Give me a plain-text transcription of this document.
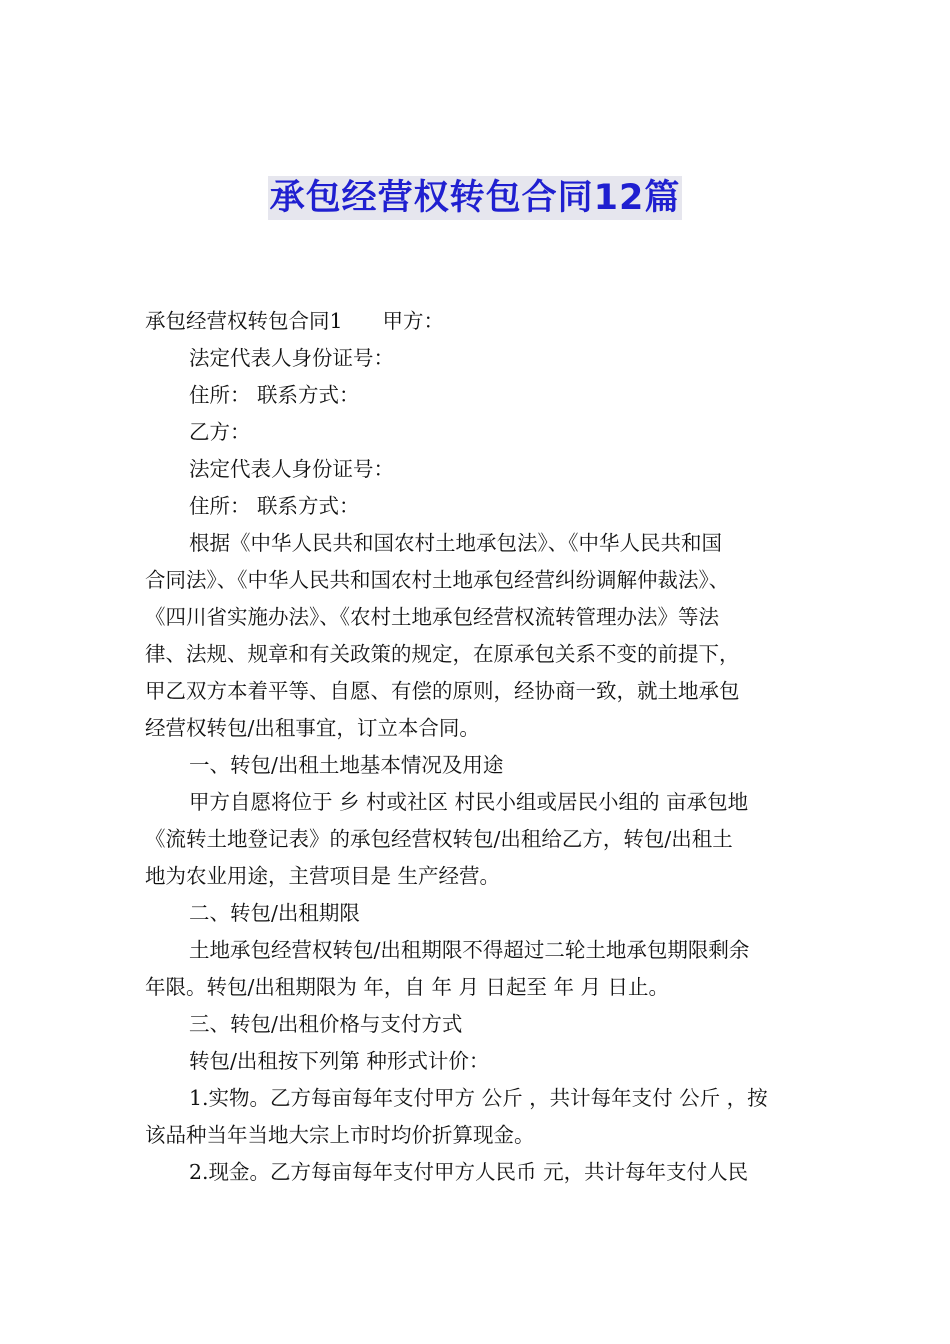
承包经营权转包合同12篇
承包经营权转包合同1 甲方：
法定代表人身份证号：
住所： 联系方式：
乙方：
法定代表人身份证号：
住所： 联系方式：
根据《中华人民共和国农村土地承包法》、《中华人民共和国
合同法》、《中华人民共和国农村土地承包经营纠纷调解仲裁法》、
《四川省实施办法》、《农村土地承包经营权流转管理办法》等法
律、法规、规章和有关政策的规定，在原承包关系不变的前提下，
甲乙双方本着平等、自愿、有偿的原则，经协商一致，就土地承包
经营权转包/出租事宜，订立本合同。
一、转包/出租土地基本情况及用途
甲方自愿将位于 乡 村或社区 村民小组或居民小组的 亩承包地
《流转土地登记表》的承包经营权转包/出租给乙方，转包/出租土
地为农业用途，主营项目是 生产经营。
二、转包/出租期限
土地承包经营权转包/出租期限不得超过二轮土地承包期限剩余
年限。转包/出租期限为 年，自 年 月 日起至 年 月 日止。
三、转包/出租价格与支付方式
转包/出租按下列第 种形式计价：
1.实物。乙方每亩每年支付甲方 公斤 ，共计每年支付 公斤 ，按
该品种当年当地大宗上市时均价折算现金。
2.现金。乙方每亩每年支付甲方人民币 元，共计每年支付人民
